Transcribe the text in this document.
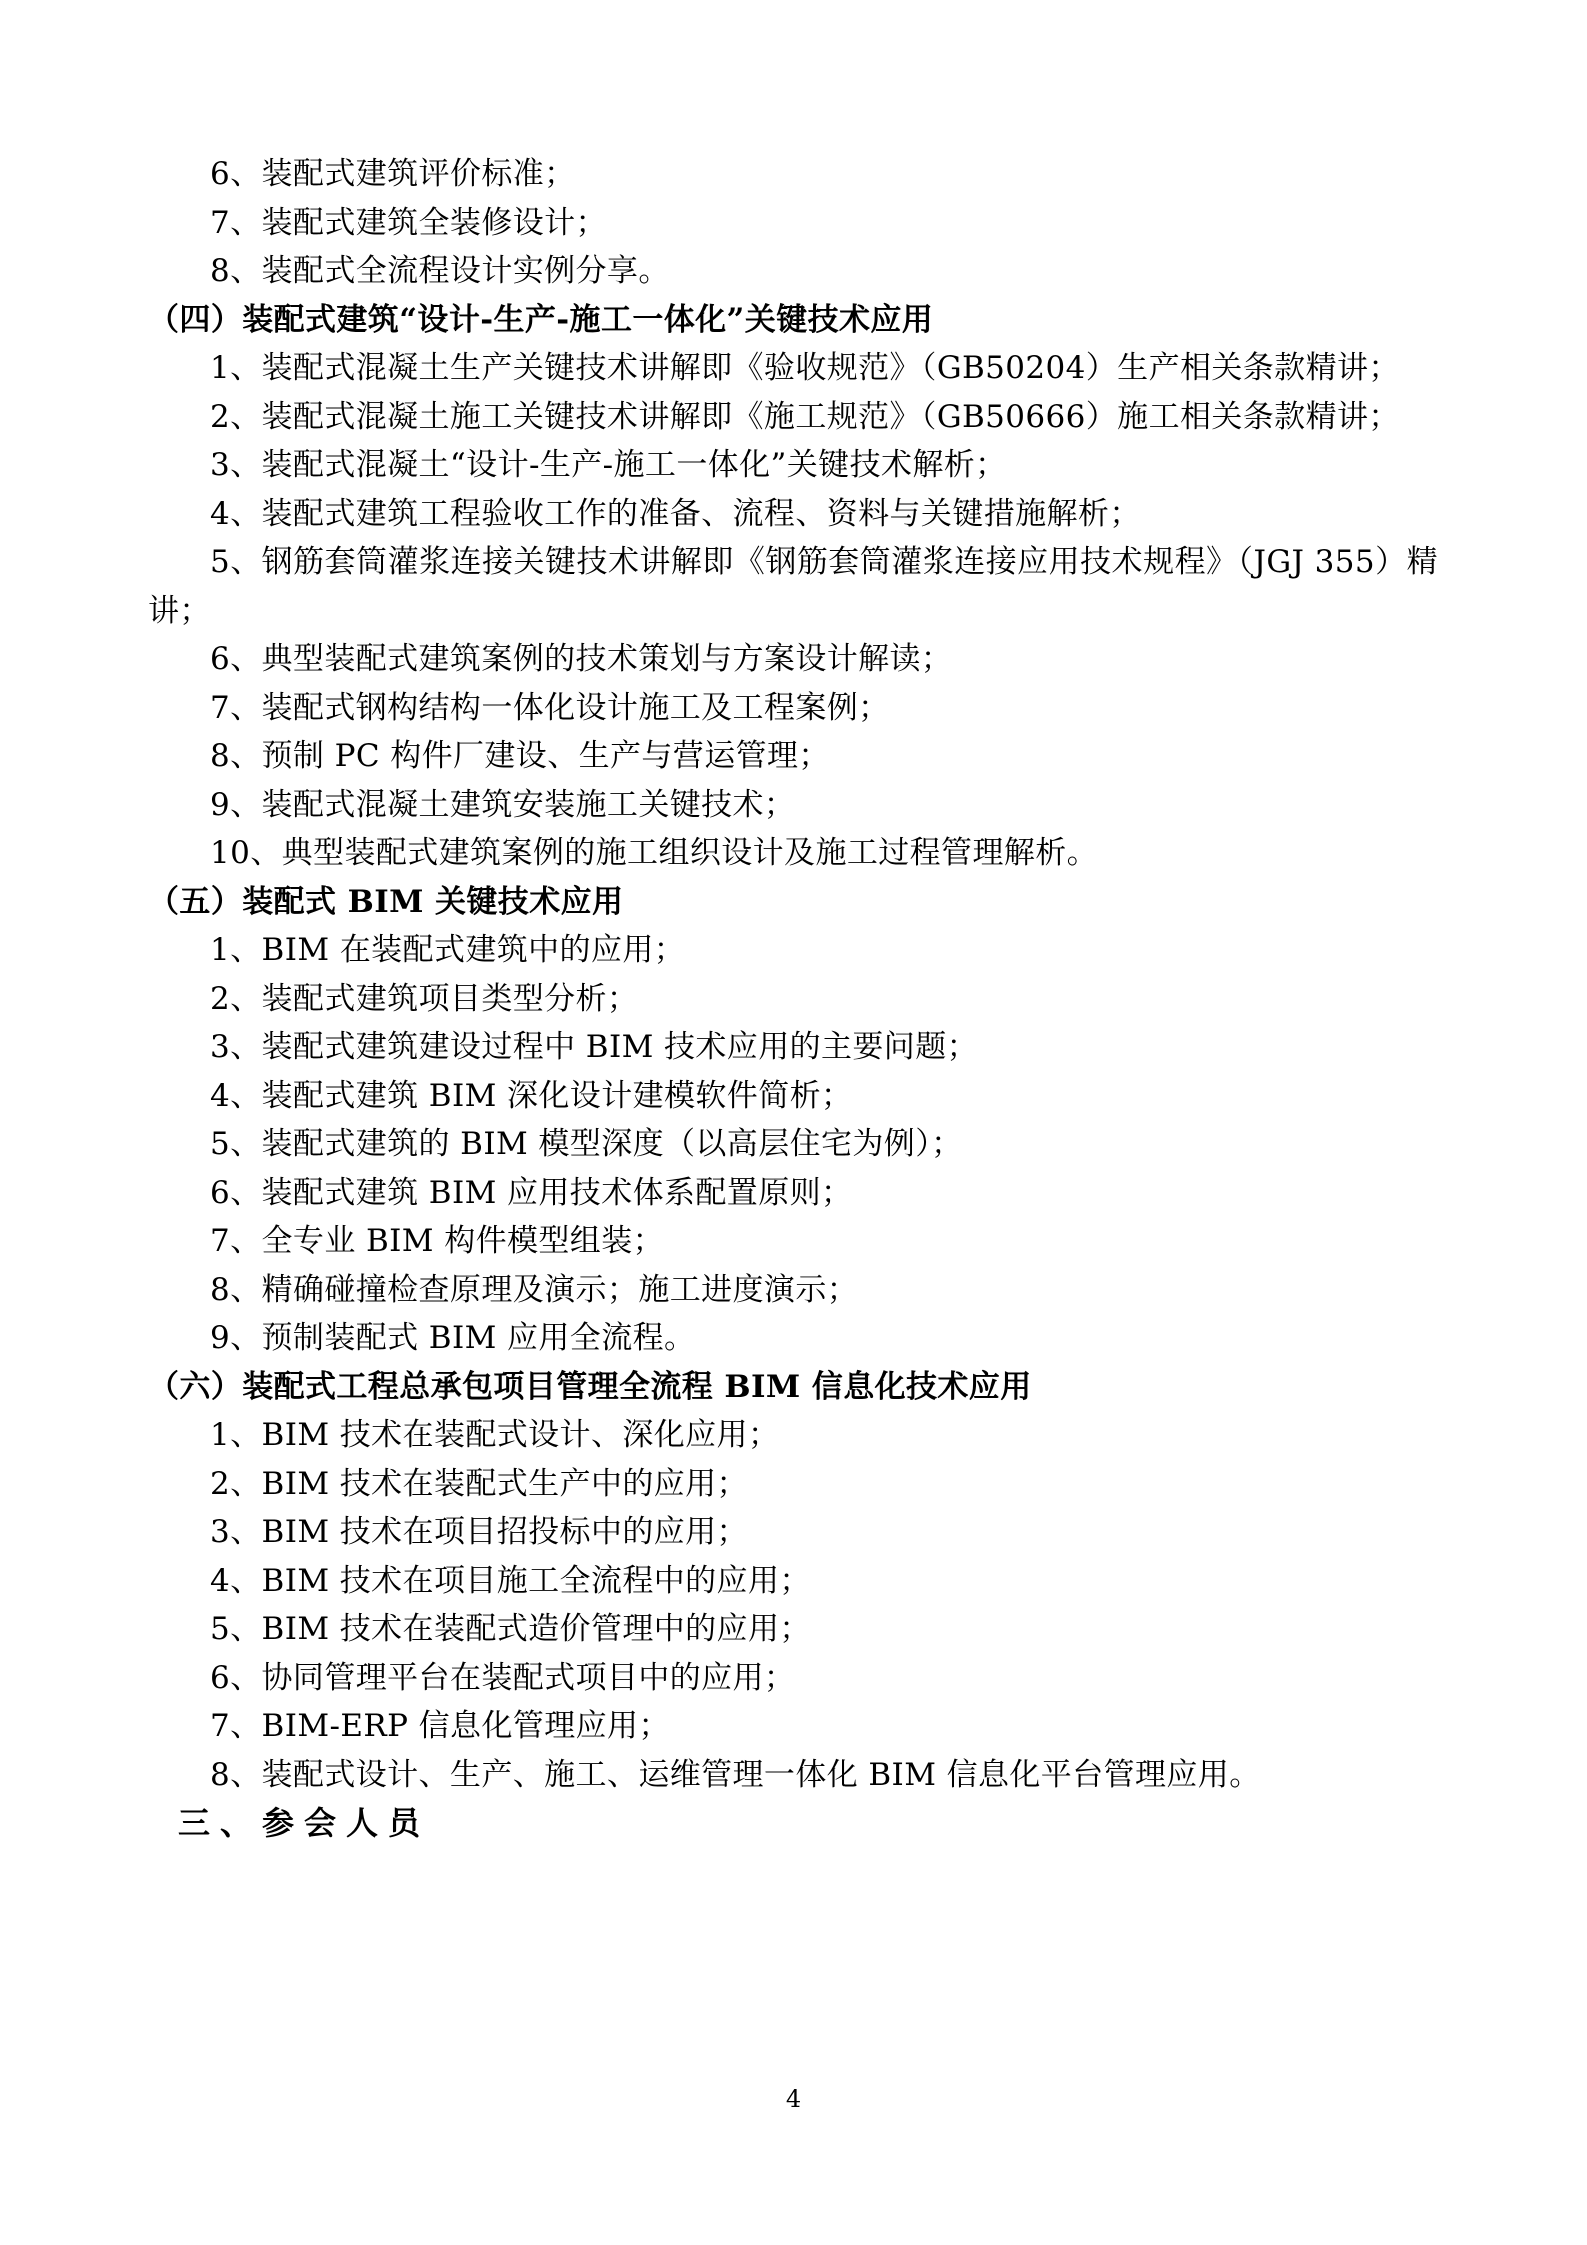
6、装配式建筑评价标准；

7、装配式建筑全装修设计；

8、装配式全流程设计实例分享。

（四）装配式建筑“设计-生产-施工一体化”关键技术应用

1、装配式混凝土生产关键技术讲解即《验收规范》（GB50204）生产相关条款精讲；

2、装配式混凝土施工关键技术讲解即《施工规范》（GB50666）施工相关条款精讲；

3、装配式混凝土“设计-生产-施工一体化”关键技术解析；

4、装配式建筑工程验收工作的准备、流程、资料与关键措施解析；

5、钢筋套筒灌浆连接关键技术讲解即《钢筋套筒灌浆连接应用技术规程》（JGJ 355）精讲；

6、典型装配式建筑案例的技术策划与方案设计解读；

7、装配式钢构结构一体化设计施工及工程案例；

8、预制 PC 构件厂建设、生产与营运管理；

9、装配式混凝土建筑安装施工关键技术；

10、典型装配式建筑案例的施工组织设计及施工过程管理解析。

（五）装配式 BIM 关键技术应用

1、BIM 在装配式建筑中的应用；

2、装配式建筑项目类型分析；

3、装配式建筑建设过程中 BIM 技术应用的主要问题；

4、装配式建筑 BIM 深化设计建模软件简析；

5、装配式建筑的 BIM 模型深度（以高层住宅为例）；

6、装配式建筑 BIM 应用技术体系配置原则；

7、全专业 BIM 构件模型组装；

8、精确碰撞检查原理及演示；施工进度演示；

9、预制装配式 BIM 应用全流程。

（六）装配式工程总承包项目管理全流程 BIM 信息化技术应用

1、BIM 技术在装配式设计、深化应用；

2、BIM 技术在装配式生产中的应用；

3、BIM 技术在项目招投标中的应用；

4、BIM 技术在项目施工全流程中的应用；

5、BIM 技术在装配式造价管理中的应用；

6、协同管理平台在装配式项目中的应用；

7、BIM-ERP 信息化管理应用；

8、装配式设计、生产、施工、运维管理一体化 BIM 信息化平台管理应用。

三、参会人员

4
